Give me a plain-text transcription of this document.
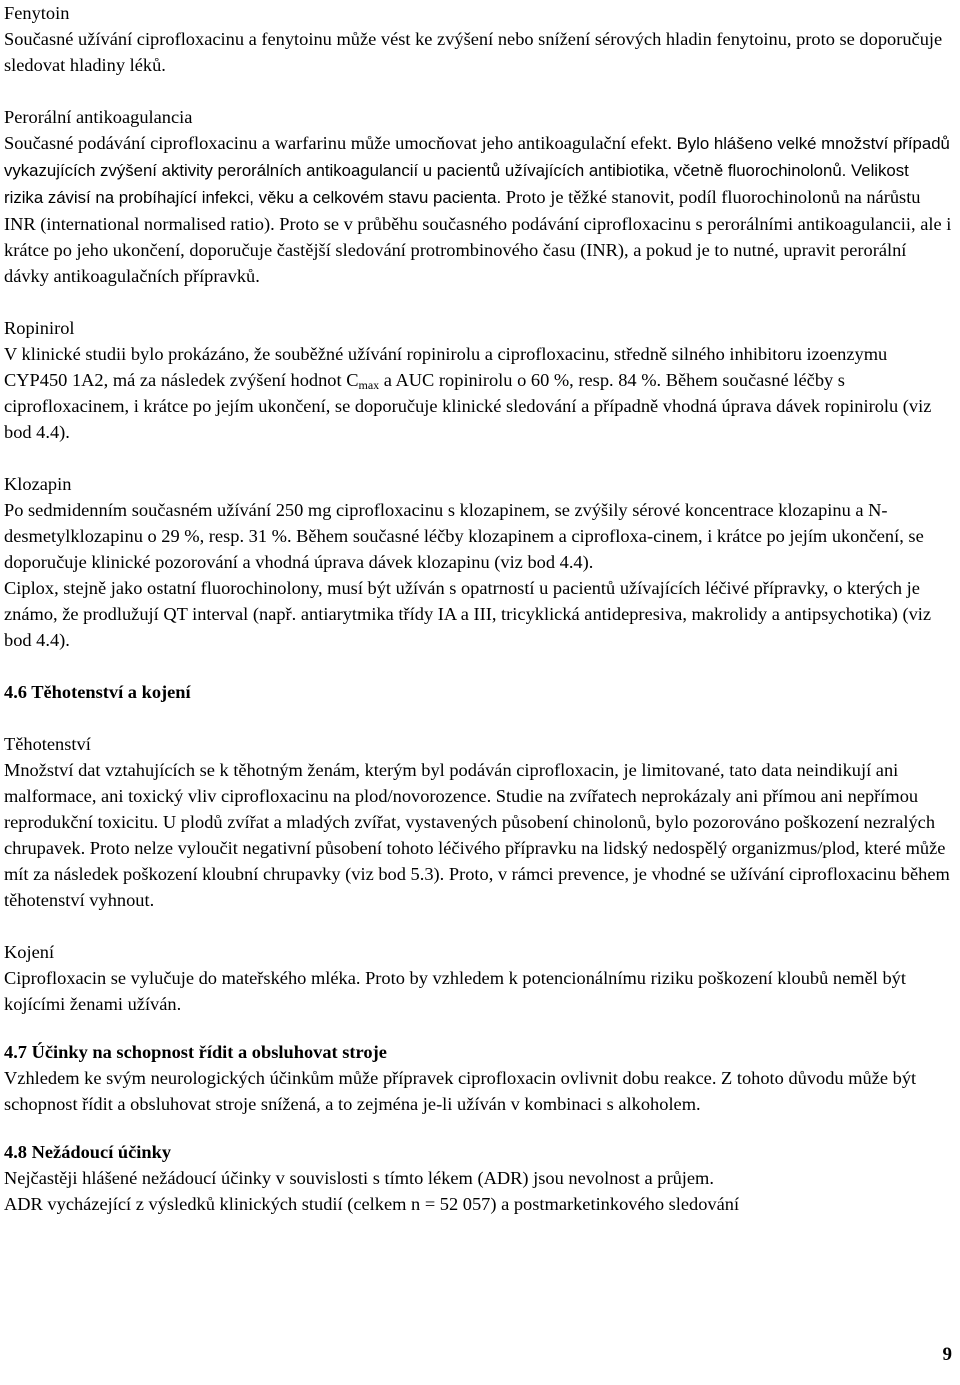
Fenytoin

Současné užívání ciprofloxacinu a fenytoinu může vést ke zvýšení nebo snížení sérových hladin fenytoinu, proto se doporučuje sledovat hladiny léků.

Perorální antikoagulancia

Současné podávání ciprofloxacinu a warfarinu může umocňovat jeho antikoagulační efekt. Bylo hlášeno velké množství případů vykazujících zvýšení aktivity perorálních antikoagulancií u pacientů užívajících antibiotika, včetně fluorochinolonů. Velikost rizika závisí na probíhající infekci, věku a celkovém stavu pacienta. Proto je těžké stanovit, podíl fluorochinolonů na nárůstu INR (international normalised ratio). Proto se v průběhu současného podávání ciprofloxacinu s perorálními antikoagulancii, ale i krátce po jeho ukončení, doporučuje častější sledování protrombinového času (INR), a pokud je to nutné, upravit perorální dávky antikoagulačních přípravků.

Ropinirol

V klinické studii bylo prokázáno, že souběžné užívání ropinirolu a ciprofloxacinu, středně silného inhibitoru izoenzymu CYP450 1A2, má za následek zvýšení hodnot $C_{max}$ a AUC ropinirolu o 60 %, resp. 84 %. Během současné léčby s ciprofloxacinem, i krátce po jejím ukončení, se doporučuje klinické sledování a případně vhodná úprava dávek ropinirolu (viz bod 4.4).

Klozapin

Po sedmidenním současném užívání 250 mg ciprofloxacinu s klozapinem, se zvýšily sérové koncentrace klozapinu a N-desmetylklozapinu o 29 %, resp. 31 %. Během současné léčby klozapinem a ciprofloxa-cinem, i krátce po jejím ukončení, se doporučuje klinické pozorování a vhodná úprava dávek klozapinu (viz bod 4.4).

Ciplox, stejně jako ostatní fluorochinolony, musí být užíván s opatrností u pacientů užívajících léčivé přípravky, o kterých je známo, že prodlužují QT interval (např. antiarytmika třídy IA a III, tricyklická antidepresiva, makrolidy a antipsychotika) (viz bod 4.4).

4.6 Těhotenství a kojení

Těhotenství

Množství dat vztahujících se k těhotným ženám, kterým byl podáván ciprofloxacin, je limitované, tato data neindikují ani malformace, ani toxický vliv ciprofloxacinu na plod/novorozence. Studie na zvířatech neprokázaly ani přímou ani nepřímou reprodukční toxicitu. U plodů zvířat a mladých zvířat, vystavených působení chinolonů, bylo pozorováno poškození nezralých chrupavek. Proto nelze vyloučit negativní působení tohoto léčivého přípravku na lidský nedospělý organizmus/plod, které může mít za následek poškození kloubní chrupavky (viz bod 5.3). Proto, v rámci prevence, je vhodné se užívání ciprofloxacinu během těhotenství vyhnout.

Kojení

Ciprofloxacin se vylučuje do mateřského mléka. Proto by vzhledem k potencionálnímu riziku poškození kloubů neměl být kojícími ženami užíván.

4.7 Účinky na schopnost řídit a obsluhovat stroje

Vzhledem ke svým neurologických účinkům může přípravek ciprofloxacin ovlivnit dobu reakce. Z tohoto důvodu může být schopnost řídit a obsluhovat stroje snížená, a to zejména je-li užíván v kombinaci s alkoholem.

4.8 Nežádoucí účinky

Nejčastěji hlášené nežádoucí účinky v souvislosti s tímto lékem (ADR) jsou nevolnost a průjem.

ADR vycházející z výsledků klinických studií (celkem n = 52 057) a postmarketinkového sledování

9
